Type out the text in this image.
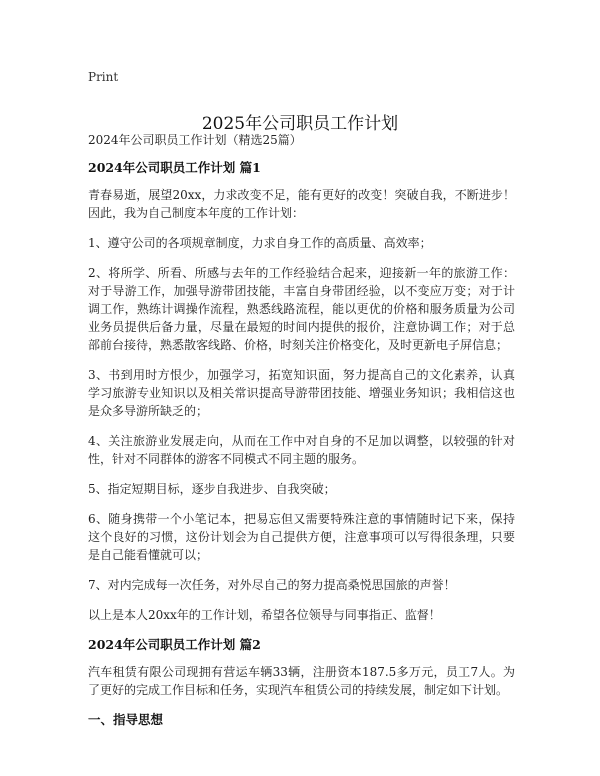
Print
2025年公司职员工作计划
2024年公司职员工作计划（精选25篇）
2024年公司职员工作计划 篇1

青春易逝，展望20xx，力求改变不足，能有更好的改变！突破自我，不断进步！因此，我为自己制度本年度的工作计划：

1、遵守公司的各项规章制度，力求自身工作的高质量、高效率；

2、将所学、所看、所感与去年的工作经验结合起来，迎接新一年的旅游工作：对于导游工作，加强导游带团技能，丰富自身带团经验，以不变应万变；对于计调工作，熟练计调操作流程，熟悉线路流程，能以更优的价格和服务质量为公司业务员提供后备力量，尽量在最短的时间内提供的报价，注意协调工作；对于总部前台接待，熟悉散客线路、价格，时刻关注价格变化，及时更新电子屏信息；

3、书到用时方恨少，加强学习，拓宽知识面，努力提高自己的文化素养，认真学习旅游专业知识以及相关常识提高导游带团技能、增强业务知识；我相信这也是众多导游所缺乏的；

4、关注旅游业发展走向，从而在工作中对自身的不足加以调整，以较强的针对性，针对不同群体的游客不同模式不同主题的服务。

5、指定短期目标，逐步自我进步、自我突破；

6、随身携带一个小笔记本，把易忘但又需要特殊注意的事情随时记下来，保持这个良好的习惯，这份计划会为自己提供方便，注意事项可以写得很条理，只要是自己能看懂就可以；

7、对内完成每一次任务，对外尽自己的努力提高桑悦思国旅的声誉！

以上是本人20xx年的工作计划，希望各位领导与同事指正、监督！

2024年公司职员工作计划 篇2

汽车租赁有限公司现拥有营运车辆33辆，注册资本187.5多万元，员工7人。为了更好的完成工作目标和任务，实现汽车租赁公司的持续发展，制定如下计划。

一、指导思想
